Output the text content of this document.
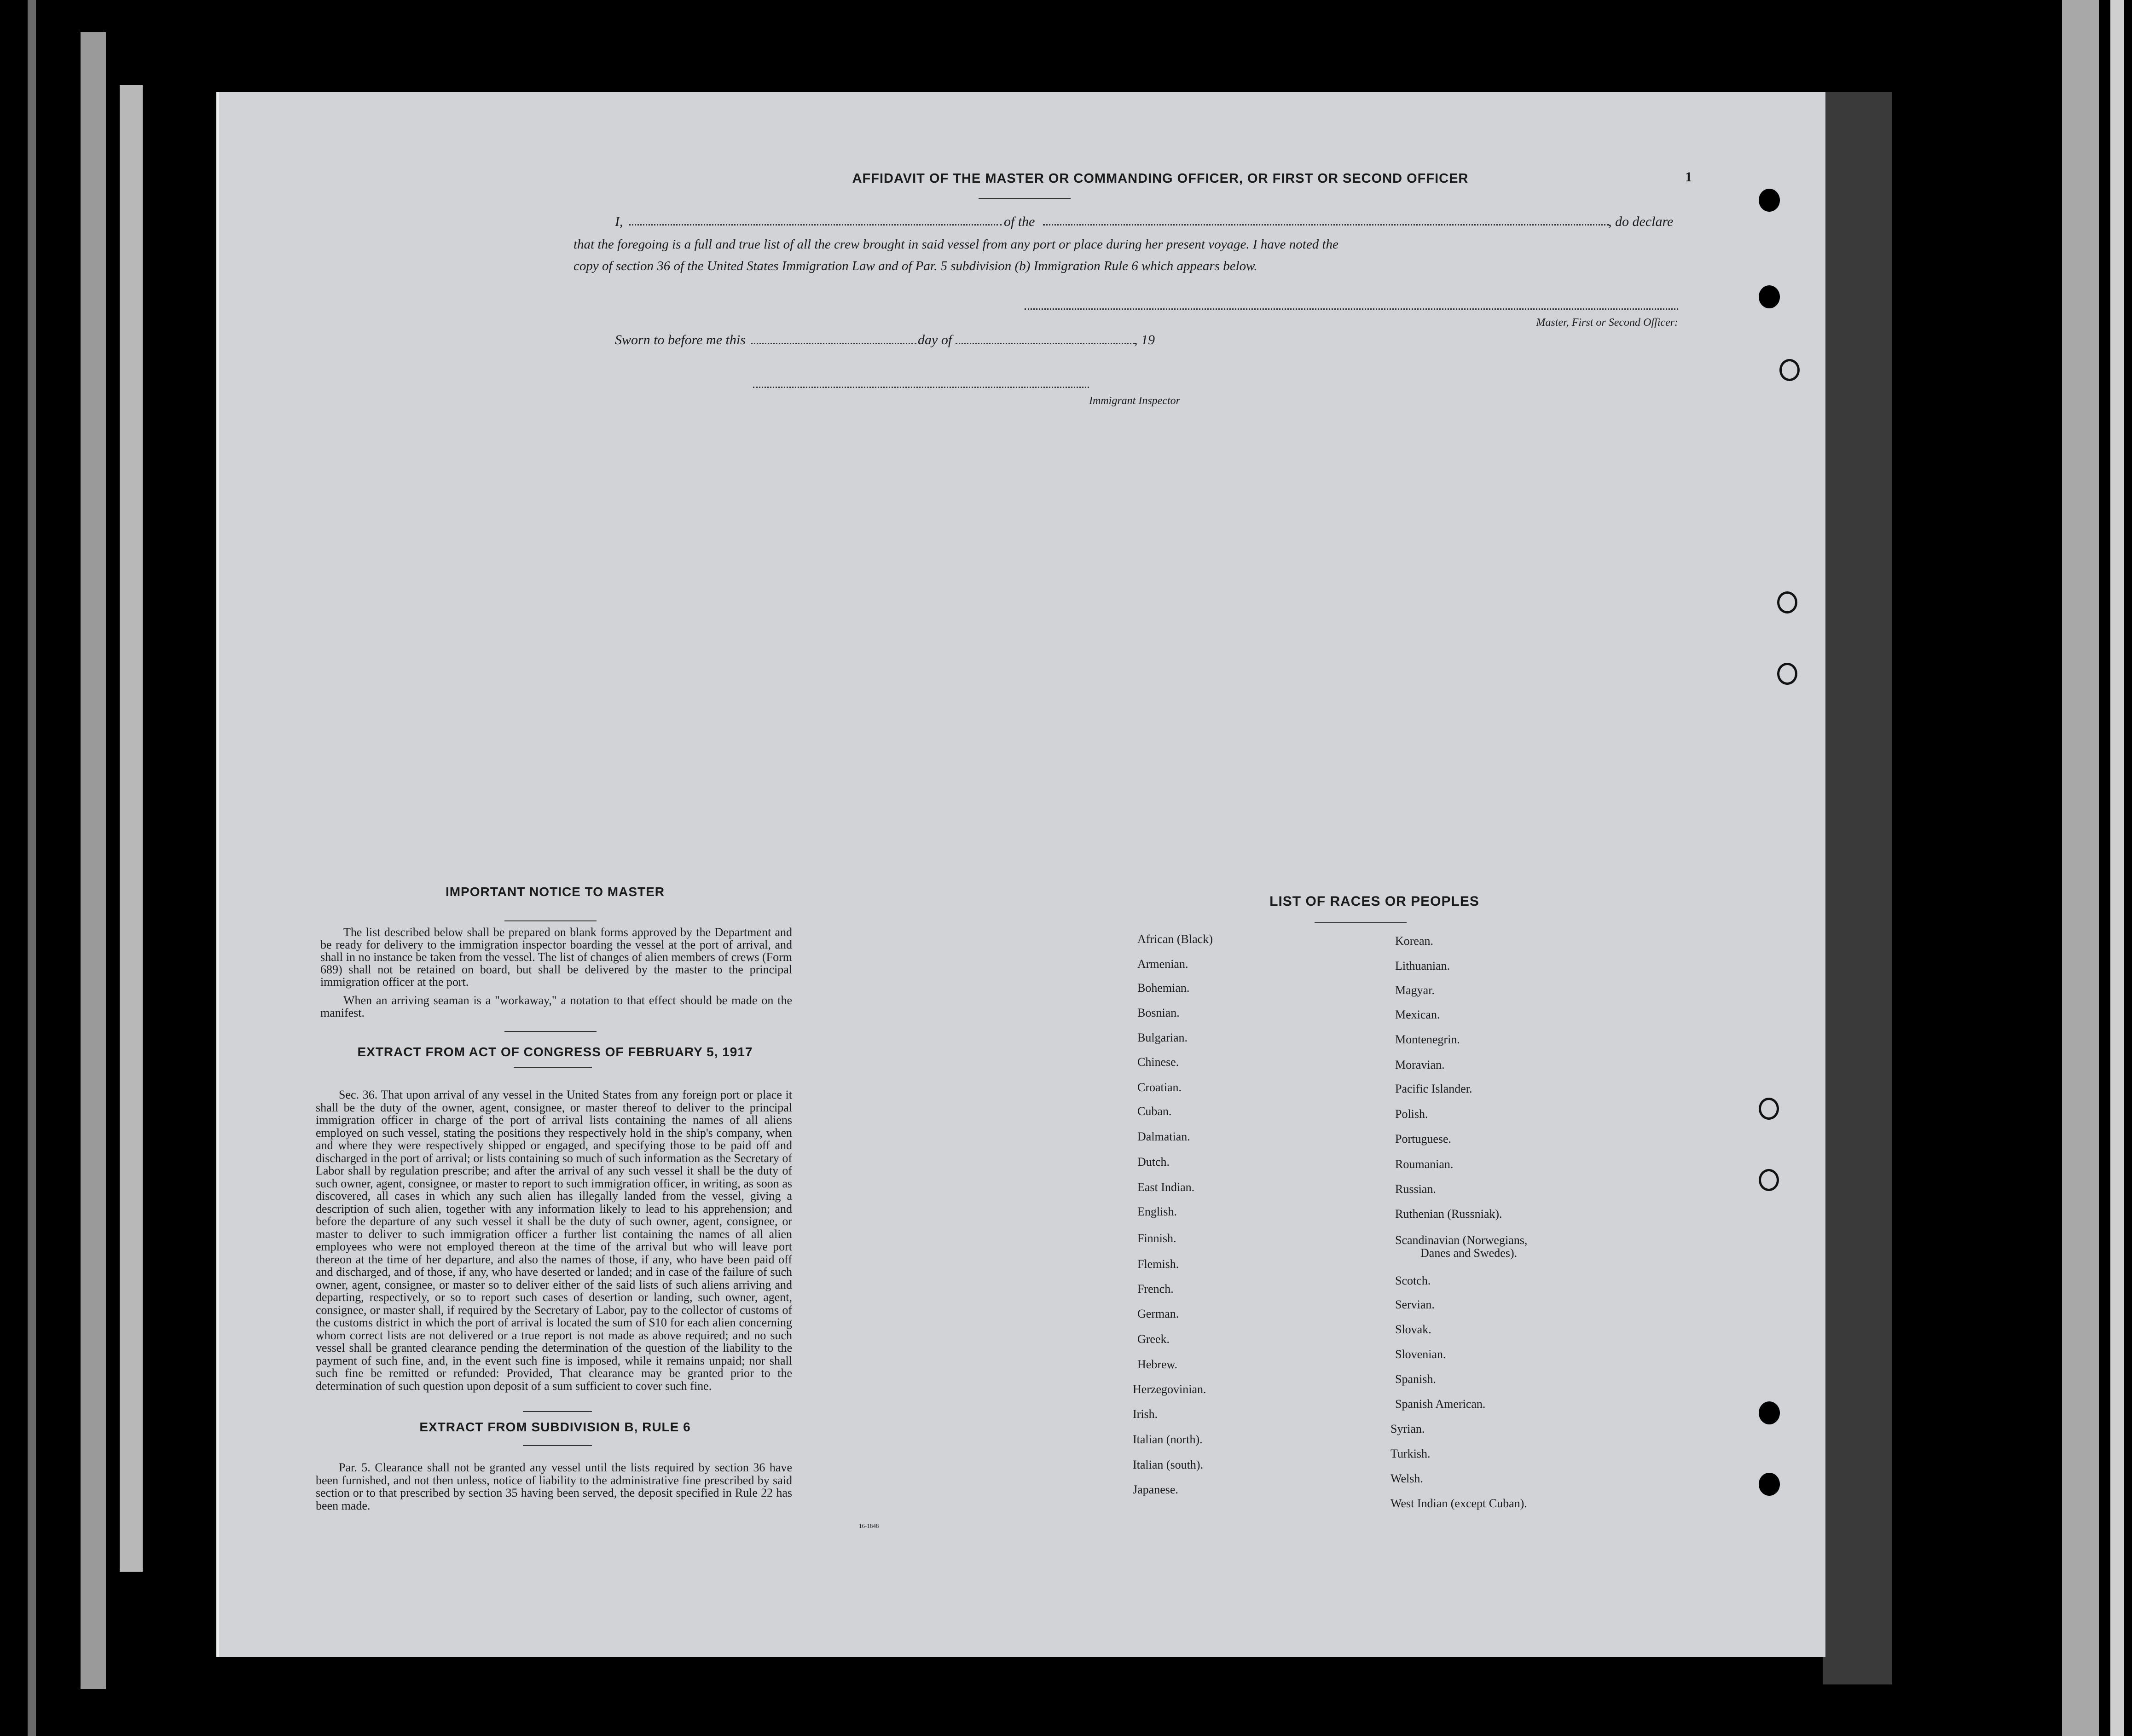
AFFIDAVIT OF THE MASTER OR COMMANDING OFFICER, OR FIRST OR SECOND OFFICER	1
I,	of the	, do declare
that the foregoing is a full and true list of all the crew brought in said vessel from any port or place during her present voyage. I have noted the
copy of section 36 of the United States Immigration Law and of Par. 5 subdivision (b) Immigration Rule 6 which appears below.
Master, First or Second Officer:
Sworn to before me this	day of	, 19
Immigrant Inspector
IMPORTANT NOTICE TO MASTER
The list described below shall be prepared on blank forms approved by the Department and be ready for delivery to the immigration inspector boarding the vessel at the port of arrival, and shall in no instance be taken from the vessel. The list of changes of alien members of crews (Form 689) shall not be retained on board, but shall be delivered by the master to the principal immigration officer at the port.
When an arriving seaman is a "workaway," a notation to that effect should be made on the manifest.
EXTRACT FROM ACT OF CONGRESS OF FEBRUARY 5, 1917
Sec. 36. That upon arrival of any vessel in the United States from any foreign port or place it shall be the duty of the owner, agent, consignee, or master thereof to deliver to the principal immigration officer in charge of the port of arrival lists containing the names of all aliens employed on such vessel, stating the positions they respectively hold in the ship's company, when and where they were respectively shipped or engaged, and specifying those to be paid off and discharged in the port of arrival; or lists containing so much of such information as the Secretary of Labor shall by regulation prescribe; and after the arrival of any such vessel it shall be the duty of such owner, agent, consignee, or master to report to such immigration officer, in writing, as soon as discovered, all cases in which any such alien has illegally landed from the vessel, giving a description of such alien, together with any information likely to lead to his apprehension; and before the departure of any such vessel it shall be the duty of such owner, agent, consignee, or master to deliver to such immigration officer a further list containing the names of all alien employees who were not employed thereon at the time of the arrival but who will leave port thereon at the time of her departure, and also the names of those, if any, who have been paid off and discharged, and of those, if any, who have deserted or landed; and in case of the failure of such owner, agent, consignee, or master so to deliver either of the said lists of such aliens arriving and departing, respectively, or so to report such cases of desertion or landing, such owner, agent, consignee, or master shall, if required by the Secretary of Labor, pay to the collector of customs of the customs district in which the port of arrival is located the sum of $10 for each alien concerning whom correct lists are not delivered or a true report is not made as above required; and no such vessel shall be granted clearance pending the determination of the question of the liability to the payment of such fine, and, in the event such fine is imposed, while it remains unpaid; nor shall such fine be remitted or refunded: Provided, That clearance may be granted prior to the determination of such question upon deposit of a sum sufficient to cover such fine.
EXTRACT FROM SUBDIVISION B, RULE 6
Par. 5. Clearance shall not be granted any vessel until the lists required by section 36 have been furnished, and not then unless, notice of liability to the administrative fine prescribed by said section or to that prescribed by section 35 having been served, the deposit specified in Rule 22 has been made.
16-1848
LIST OF RACES OR PEOPLES
African (Black)
Armenian.
Bohemian.
Bosnian.
Bulgarian.
Chinese.
Croatian.
Cuban.
Dalmatian.
Dutch.
East Indian.
English.
Finnish.
Flemish.
French.
German.
Greek.
Hebrew.
Herzegovinian.
Irish.
Italian (north).
Italian (south).
Japanese.
Korean.
Lithuanian.
Magyar.
Mexican.
Montenegrin.
Moravian.
Pacific Islander.
Polish.
Portuguese.
Roumanian.
Russian.
Ruthenian (Russniak).
Scandinavian (Norwegians,
Scotch.
Servian.
Slovak.
Slovenian.
Spanish.
Spanish American.
Syrian.
Turkish.
Welsh.
West Indian (except Cuban).
Danes and Swedes).
